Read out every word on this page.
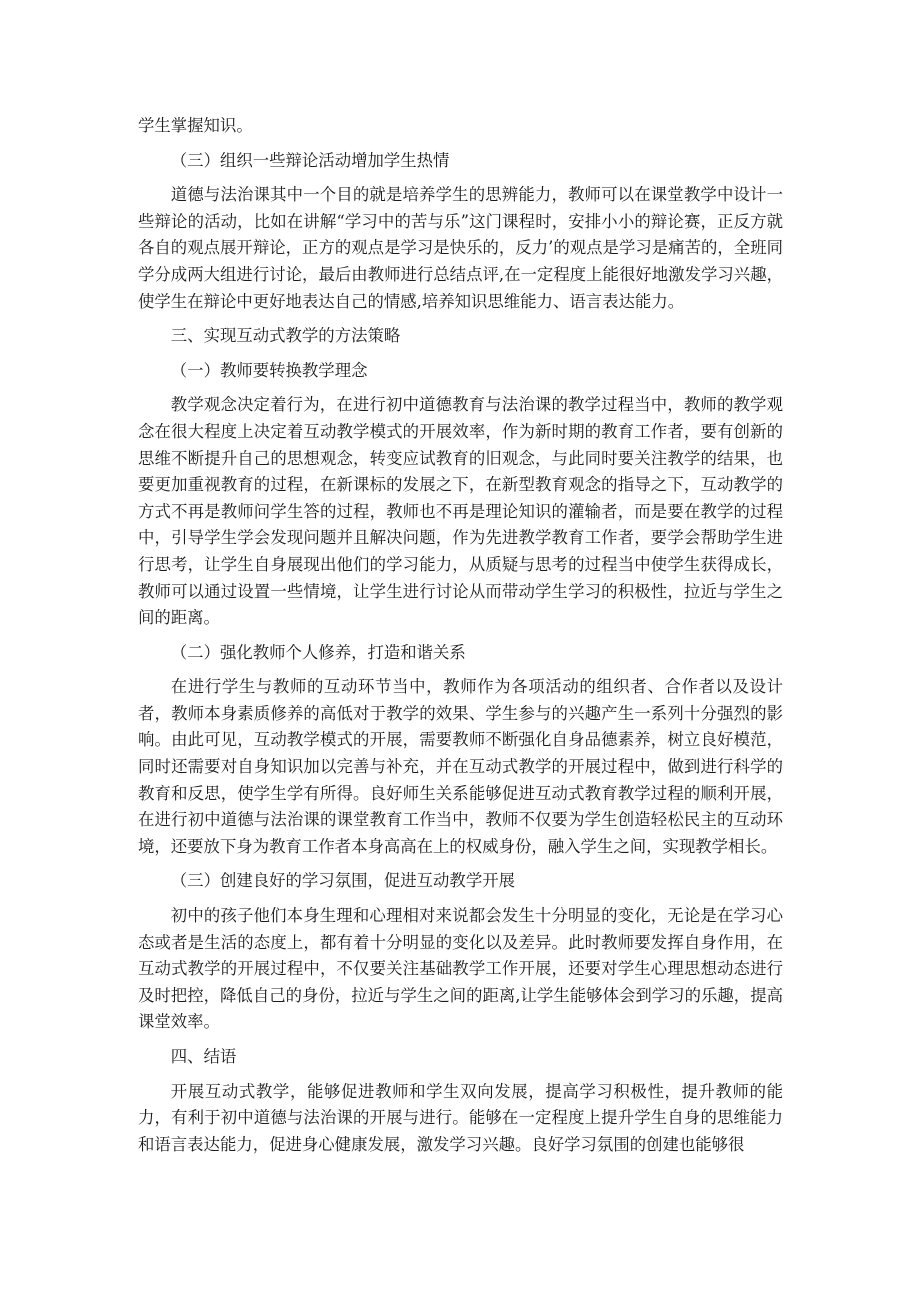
学生掌握知识。

（三）组织一些辩论活动增加学生热情

道德与法治课其中一个目的就是培养学生的思辨能力，教师可以在课堂教学中设计一些辩论的活动，比如在讲解“学习中的苦与乐”这门课程时，安排小小的辩论赛，正反方就各自的观点展开辩论，正方的观点是学习是快乐的，反力’的观点是学习是痛苦的，全班同学分成两大组进行讨论，最后由教师进行总结点评,在一定程度上能很好地激发学习兴趣，使学生在辩论中更好地表达自己的情感,培养知识思维能力、语言表达能力。

三、实现互动式教学的方法策略

（一）教师要转换教学理念

教学观念决定着行为，在进行初中道德教育与法治课的教学过程当中，教师的教学观念在很大程度上决定着互动教学模式的开展效率，作为新时期的教育工作者，要有创新的思维不断提升自己的思想观念，转变应试教育的旧观念，与此同时要关注教学的结果，也要更加重视教育的过程，在新课标的发展之下，在新型教育观念的指导之下，互动教学的方式不再是教师问学生答的过程，教师也不再是理论知识的灌输者，而是要在教学的过程中，引导学生学会发现问题并且解决问题，作为先进教学教育工作者，要学会帮助学生进行思考，让学生自身展现出他们的学习能力，从质疑与思考的过程当中使学生获得成长，教师可以通过设置一些情境，让学生进行讨论从而带动学生学习的积极性，拉近与学生之间的距离。

（二）强化教师个人修养，打造和谐关系

在进行学生与教师的互动环节当中，教师作为各项活动的组织者、合作者以及设计者，教师本身素质修养的高低对于教学的效果、学生参与的兴趣产生一系列十分强烈的影响。由此可见，互动教学模式的开展，需要教师不断强化自身品德素养，树立良好模范，同时还需要对自身知识加以完善与补充，并在互动式教学的开展过程中，做到进行科学的教育和反思，使学生学有所得。良好师生关系能够促进互动式教育教学过程的顺利开展，在进行初中道德与法治课的课堂教育工作当中，教师不仅要为学生创造轻松民主的互动环境，还要放下身为教育工作者本身高高在上的权威身份，融入学生之间，实现教学相长。

（三）创建良好的学习氛围，促进互动教学开展

初中的孩子他们本身生理和心理相对来说都会发生十分明显的变化，无论是在学习心态或者是生活的态度上，都有着十分明显的变化以及差异。此时教师要发挥自身作用，在互动式教学的开展过程中，不仅要关注基础教学工作开展，还要对学生心理思想动态进行及时把控，降低自己的身份，拉近与学生之间的距离,让学生能够体会到学习的乐趣，提高课堂效率。

四、结语

开展互动式教学，能够促进教师和学生双向发展，提高学习积极性，提升教师的能力，有利于初中道德与法治课的开展与进行。能够在一定程度上提升学生自身的思维能力和语言表达能力，促进身心健康发展，激发学习兴趣。良好学习氛围的创建也能够很
